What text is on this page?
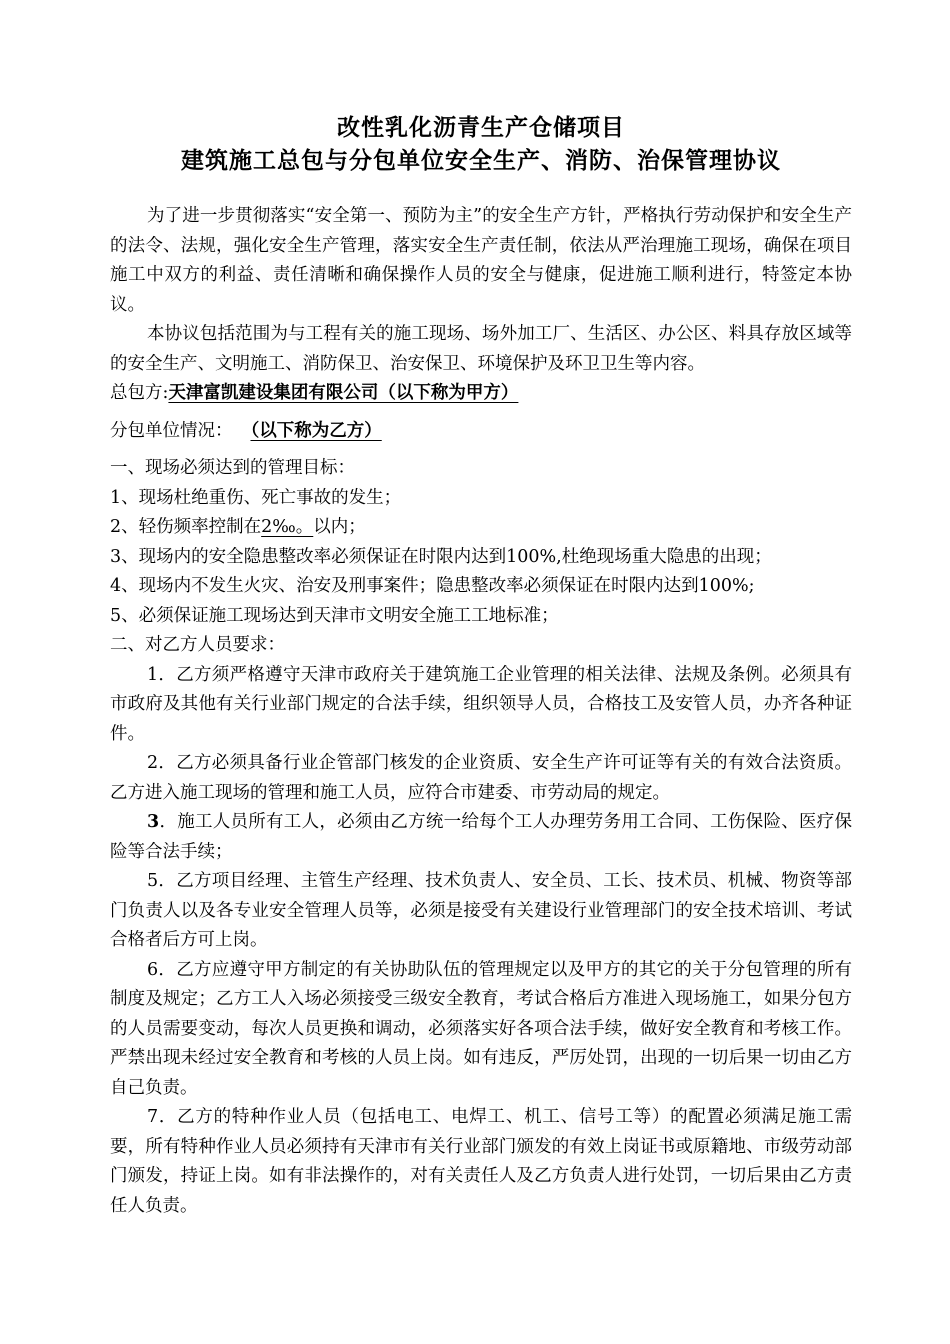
改性乳化沥青生产仓储项目
建筑施工总包与分包单位安全生产、消防、治保管理协议

为了进一步贯彻落实“安全第一、预防为主”的安全生产方针，严格执行劳动保护和安全生产的法令、法规，强化安全生产管理，落实安全生产责任制，依法从严治理施工现场，确保在项目施工中双方的利益、责任清晰和确保操作人员的安全与健康，促进施工顺利进行，特签定本协议。

本协议包括范围为与工程有关的施工现场、场外加工厂、生活区、办公区、料具存放区域等的安全生产、文明施工、消防保卫、治安保卫、环境保护及环卫卫生等内容。

总包方:天津富凯建设集团有限公司（以下称为甲方）

分包单位情况： （以下称为乙方）

一、现场必须达到的管理目标：

1、现场杜绝重伤、死亡事故的发生；

2、轻伤频率控制在2‰。以内；

3、现场内的安全隐患整改率必须保证在时限内达到100%,杜绝现场重大隐患的出现；

4、现场内不发生火灾、治安及刑事案件；隐患整改率必须保证在时限内达到100%;

5、必须保证施工现场达到天津市文明安全施工工地标准；

二、对乙方人员要求：

1．乙方须严格遵守天津市政府关于建筑施工企业管理的相关法律、法规及条例。必须具有市政府及其他有关行业部门规定的合法手续，组织领导人员，合格技工及安管人员，办齐各种证件。

2．乙方必须具备行业企管部门核发的企业资质、安全生产许可证等有关的有效合法资质。乙方进入施工现场的管理和施工人员，应符合市建委、市劳动局的规定。

3．施工人员所有工人，必须由乙方统一给每个工人办理劳务用工合同、工伤保险、医疗保险等合法手续；

5．乙方项目经理、主管生产经理、技术负责人、安全员、工长、技术员、机械、物资等部门负责人以及各专业安全管理人员等，必须是接受有关建设行业管理部门的安全技术培训、考试合格者后方可上岗。

6．乙方应遵守甲方制定的有关协助队伍的管理规定以及甲方的其它的关于分包管理的所有制度及规定；乙方工人入场必须接受三级安全教育，考试合格后方准进入现场施工，如果分包方的人员需要变动，每次人员更换和调动，必须落实好各项合法手续，做好安全教育和考核工作。严禁出现未经过安全教育和考核的人员上岗。如有违反，严厉处罚，出现的一切后果一切由乙方自己负责。

7．乙方的特种作业人员（包括电工、电焊工、机工、信号工等）的配置必须满足施工需要，所有特种作业人员必须持有天津市有关行业部门颁发的有效上岗证书或原籍地、市级劳动部门颁发，持证上岗。如有非法操作的，对有关责任人及乙方负责人进行处罚，一切后果由乙方责任人负责。
